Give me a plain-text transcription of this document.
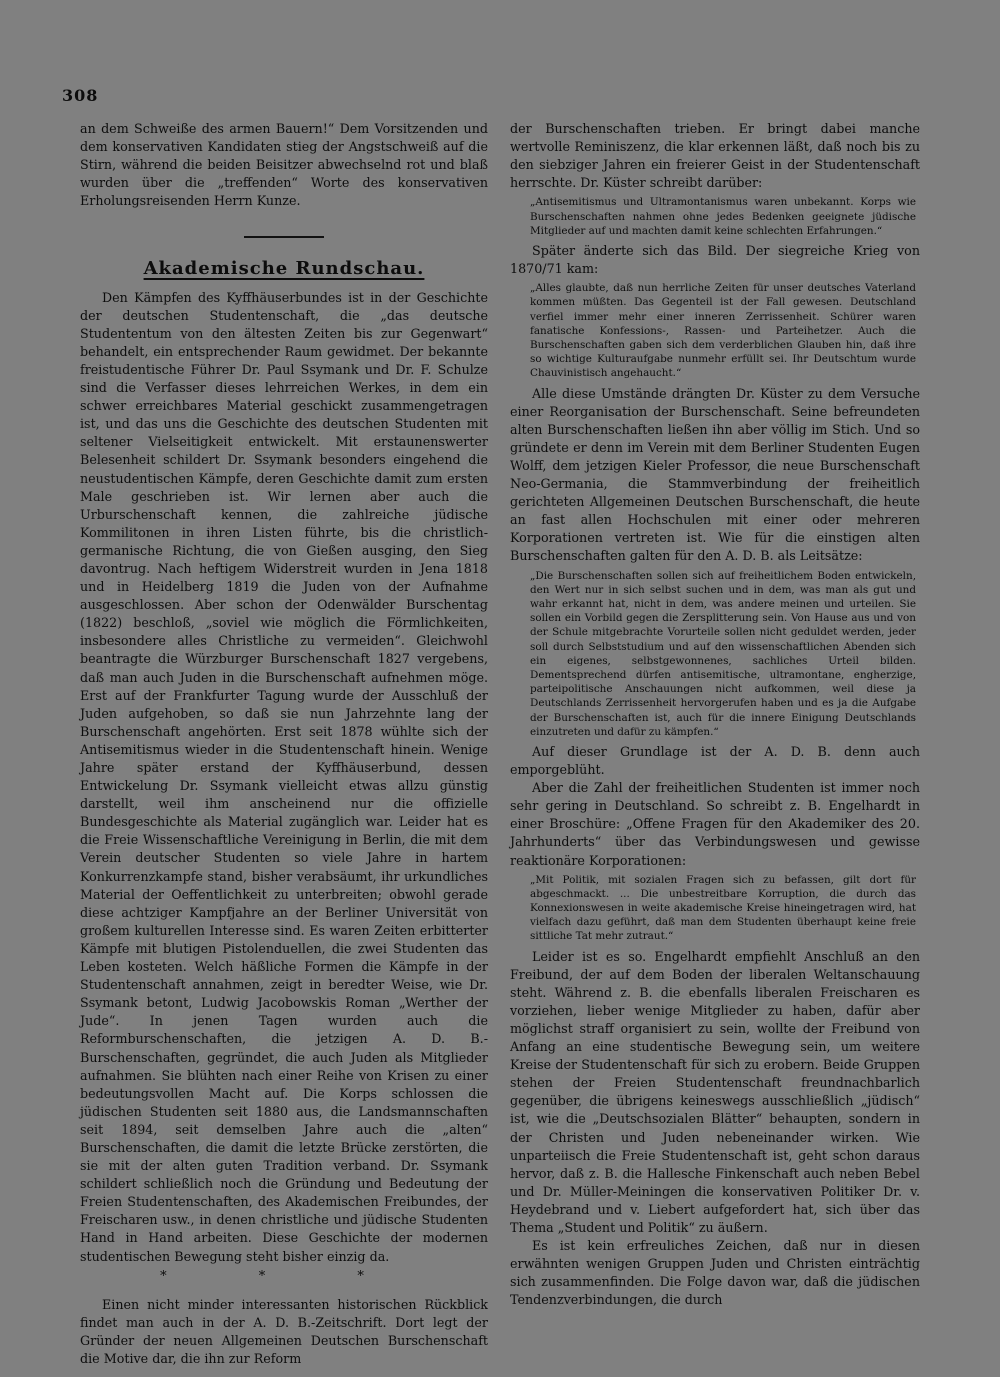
308

an dem Schweiße des armen Bauern!“ Dem Vorsitzenden und dem konservativen Kandidaten stieg der Angstschweiß auf die Stirn, während die beiden Beisitzer abwechselnd rot und blaß wurden über die „treffenden“ Worte des konservativen Erholungsreisenden Herrn Kunze.

Akademische Rundschau.

Den Kämpfen des Kyffhäuserbundes ist in der Geschichte der deutschen Studentenschaft, die „das deutsche Studententum von den ältesten Zeiten bis zur Gegenwart“ behandelt, ein entsprechender Raum gewidmet. Der bekannte freistudentische Führer Dr. Paul Ssymank und Dr. F. Schulze sind die Verfasser dieses lehrreichen Werkes, in dem ein schwer erreichbares Material geschickt zusammengetragen ist, und das uns die Geschichte des deutschen Studenten mit seltener Vielseitigkeit entwickelt. Mit erstaunenswerter Belesenheit schildert Dr. Ssymank besonders eingehend die neustudentischen Kämpfe, deren Geschichte damit zum ersten Male geschrieben ist. Wir lernen aber auch die Urburschenschaft kennen, die zahlreiche jüdische Kommilitonen in ihren Listen führte, bis die christlich-germanische Richtung, die von Gießen ausging, den Sieg davontrug. Nach heftigem Widerstreit wurden in Jena 1818 und in Heidelberg 1819 die Juden von der Aufnahme ausgeschlossen. Aber schon der Odenwälder Burschentag (1822) beschloß, „soviel wie möglich die Förmlichkeiten, insbesondere alles Christliche zu vermeiden“. Gleichwohl beantragte die Würzburger Burschenschaft 1827 vergebens, daß man auch Juden in die Burschenschaft aufnehmen möge. Erst auf der Frankfurter Tagung wurde der Ausschluß der Juden aufgehoben, so daß sie nun Jahrzehnte lang der Burschenschaft angehörten. Erst seit 1878 wühlte sich der Antisemitismus wieder in die Studentenschaft hinein. Wenige Jahre später erstand der Kyffhäuserbund, dessen Entwickelung Dr. Ssymank vielleicht etwas allzu günstig darstellt, weil ihm anscheinend nur die offizielle Bundesgeschichte als Material zugänglich war. Leider hat es die Freie Wissenschaftliche Vereinigung in Berlin, die mit dem Verein deutscher Studenten so viele Jahre in hartem Konkurrenzkampfe stand, bisher verabsäumt, ihr urkundliches Material der Oeffentlichkeit zu unterbreiten; obwohl gerade diese achtziger Kampfjahre an der Berliner Universität von großem kulturellen Interesse sind. Es waren Zeiten erbitterter Kämpfe mit blutigen Pistolenduellen, die zwei Studenten das Leben kosteten. Welch häßliche Formen die Kämpfe in der Studentenschaft annahmen, zeigt in beredter Weise, wie Dr. Ssymank betont, Ludwig Jacobowskis Roman „Werther der Jude“. In jenen Tagen wurden auch die Reformburschenschaften, die jetzigen A. D. B.-Burschenschaften, gegründet, die auch Juden als Mitglieder aufnahmen. Sie blühten nach einer Reihe von Krisen zu einer bedeutungsvollen Macht auf. Die Korps schlossen die jüdischen Studenten seit 1880 aus, die Landsmannschaften seit 1894, seit demselben Jahre auch die „alten“ Burschenschaften, die damit die letzte Brücke zerstörten, die sie mit der alten guten Tradition verband. Dr. Ssymank schildert schließlich noch die Gründung und Bedeutung der Freien Studentenschaften, des Akademischen Freibundes, der Freischaren usw., in denen christliche und jüdische Studenten Hand in Hand arbeiten. Diese Geschichte der modernen studentischen Bewegung steht bisher einzig da.

* * *

Einen nicht minder interessanten historischen Rückblick findet man auch in der A. D. B.-Zeitschrift. Dort legt der Gründer der neuen Allgemeinen Deutschen Burschenschaft die Motive dar, die ihn zur Reform

der Burschenschaften trieben. Er bringt dabei manche wertvolle Reminiszenz, die klar erkennen läßt, daß noch bis zu den siebziger Jahren ein freierer Geist in der Studentenschaft herrschte. Dr. Küster schreibt darüber:

„Antisemitismus und Ultramontanismus waren unbekannt. Korps wie Burschenschaften nahmen ohne jedes Bedenken geeignete jüdische Mitglieder auf und machten damit keine schlechten Erfahrungen.“

Später änderte sich das Bild. Der siegreiche Krieg von 1870/71 kam:

„Alles glaubte, daß nun herrliche Zeiten für unser deutsches Vaterland kommen müßten. Das Gegenteil ist der Fall gewesen. Deutschland verfiel immer mehr einer inneren Zerrissenheit. Schürer waren fanatische Konfessions-, Rassen- und Parteihetzer. Auch die Burschenschaften gaben sich dem verderblichen Glauben hin, daß ihre so wichtige Kulturaufgabe nunmehr erfüllt sei. Ihr Deutschtum wurde Chauvinistisch angehaucht.“

Alle diese Umstände drängten Dr. Küster zu dem Versuche einer Reorganisation der Burschenschaft. Seine befreundeten alten Burschenschaften ließen ihn aber völlig im Stich. Und so gründete er denn im Verein mit dem Berliner Studenten Eugen Wolff, dem jetzigen Kieler Professor, die neue Burschenschaft Neo-Germania, die Stammverbindung der freiheitlich gerichteten Allgemeinen Deutschen Burschenschaft, die heute an fast allen Hochschulen mit einer oder mehreren Korporationen vertreten ist. Wie für die einstigen alten Burschenschaften galten für den A. D. B. als Leitsätze:

„Die Burschenschaften sollen sich auf freiheitlichem Boden entwickeln, den Wert nur in sich selbst suchen und in dem, was man als gut und wahr erkannt hat, nicht in dem, was andere meinen und urteilen. Sie sollen ein Vorbild gegen die Zersplitterung sein. Von Hause aus und von der Schule mitgebrachte Vorurteile sollen nicht geduldet werden, jeder soll durch Selbststudium und auf den wissenschaftlichen Abenden sich ein eigenes, selbstgewonnenes, sachliches Urteil bilden. Dementsprechend dürfen antisemitische, ultramontane, engherzige, parteipolitische Anschauungen nicht aufkommen, weil diese ja Deutschlands Zerrissenheit hervorgerufen haben und es ja die Aufgabe der Burschenschaften ist, auch für die innere Einigung Deutschlands einzutreten und dafür zu kämpfen.“

Auf dieser Grundlage ist der A. D. B. denn auch emporgeblüht.

Aber die Zahl der freiheitlichen Studenten ist immer noch sehr gering in Deutschland. So schreibt z. B. Engelhardt in einer Broschüre: „Offene Fragen für den Akademiker des 20. Jahrhunderts“ über das Verbindungswesen und gewisse reaktionäre Korporationen:

„Mit Politik, mit sozialen Fragen sich zu befassen, gilt dort für abgeschmackt. ... Die unbestreitbare Korruption, die durch das Konnexionswesen in weite akademische Kreise hineingetragen wird, hat vielfach dazu geführt, daß man dem Studenten überhaupt keine freie sittliche Tat mehr zutraut.“

Leider ist es so. Engelhardt empfiehlt Anschluß an den Freibund, der auf dem Boden der liberalen Weltanschauung steht. Während z. B. die ebenfalls liberalen Freischaren es vorziehen, lieber wenige Mitglieder zu haben, dafür aber möglichst straff organisiert zu sein, wollte der Freibund von Anfang an eine studentische Bewegung sein, um weitere Kreise der Studentenschaft für sich zu erobern. Beide Gruppen stehen der Freien Studentenschaft freundnachbarlich gegenüber, die übrigens keineswegs ausschließlich „jüdisch“ ist, wie die „Deutschsozialen Blätter“ behaupten, sondern in der Christen und Juden nebeneinander wirken. Wie unparteiisch die Freie Studentenschaft ist, geht schon daraus hervor, daß z. B. die Hallesche Finkenschaft auch neben Bebel und Dr. Müller-Meiningen die konservativen Politiker Dr. v. Heydebrand und v. Liebert aufgefordert hat, sich über das Thema „Student und Politik“ zu äußern.

Es ist kein erfreuliches Zeichen, daß nur in diesen erwähnten wenigen Gruppen Juden und Christen einträchtig sich zusammenfinden. Die Folge davon war, daß die jüdischen Tendenzverbindungen, die durch
